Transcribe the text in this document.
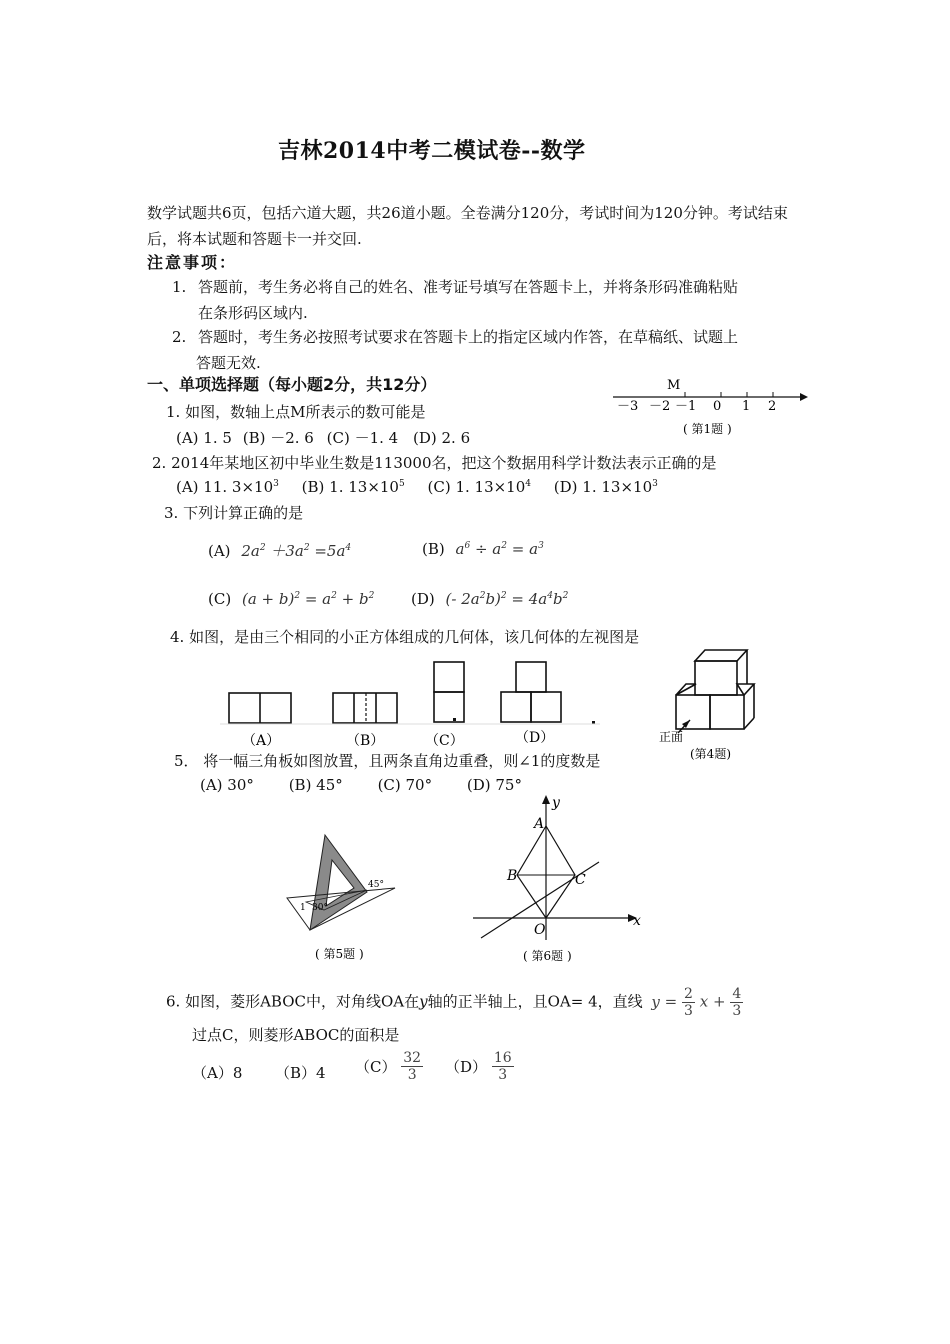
吉林2014中考二模试卷--数学
数学试题共6页，包括六道大题，共26道小题。全卷满分120分，考试时间为120分钟。考试结束后，将本试题和答题卡一并交回.
注意事项：
1. 答题前，考生务必将自己的姓名、准考证号填写在答题卡上，并将条形码准确粘贴
在条形码区域内.
2. 答题时，考生务必按照考试要求在答题卡上的指定区域内作答，在草稿纸、试题上
答题无效.
一、单项选择题（每小题2分，共12分）
1. 如图，数轴上点M所表示的数可能是
(A) 1. 5 (B) －2. 6 (C) －1. 4 (D) 2. 6
M
－3 －2 －1 0 1 2
( 第1题 )
2. 2014年某地区初中毕业生数是113000名，把这个数据用科学计数法表示正确的是
(A) 11. $3\times 10^3$ (B) 1. $13\times 10^5$ (C) 1. $13\times 10^4$ (D) 1. $13\times 10^3$
3. 下列计算正确的是
(A) $2a^2 +3a^2 =5a^4$	(B) $a^6 \div a^2 = a^3$
(C) $(a + b)^2 = a^2 + b^2$ (D) (- $2a^2b)^2 = 4a^4b^2$
4. 如图，是由三个相同的小正方体组成的几何体，该几何体的左视图是
（A）	（B）	（C）	（D）	正面
(第4题)
5． 将一幅三角板如图放置，且两条直角边重叠，则∠1的度数是
(A) 30° (B) 45° (C) 70° (D) 75°
45°
30°
1
( 第5题 )
y
x
A
B	C
O
( 第6题 )
6. 如图，菱形ABOC中，对角线OA在y轴的正半轴上，且OA= 4，直线 $y = \frac{2}{3}$ $x + \frac{4}{3}$
过点C，则菱形ABOC的面积是
（A）8 （B）4 $(C) \frac{32}{3} (D) \frac{16}{3}$
